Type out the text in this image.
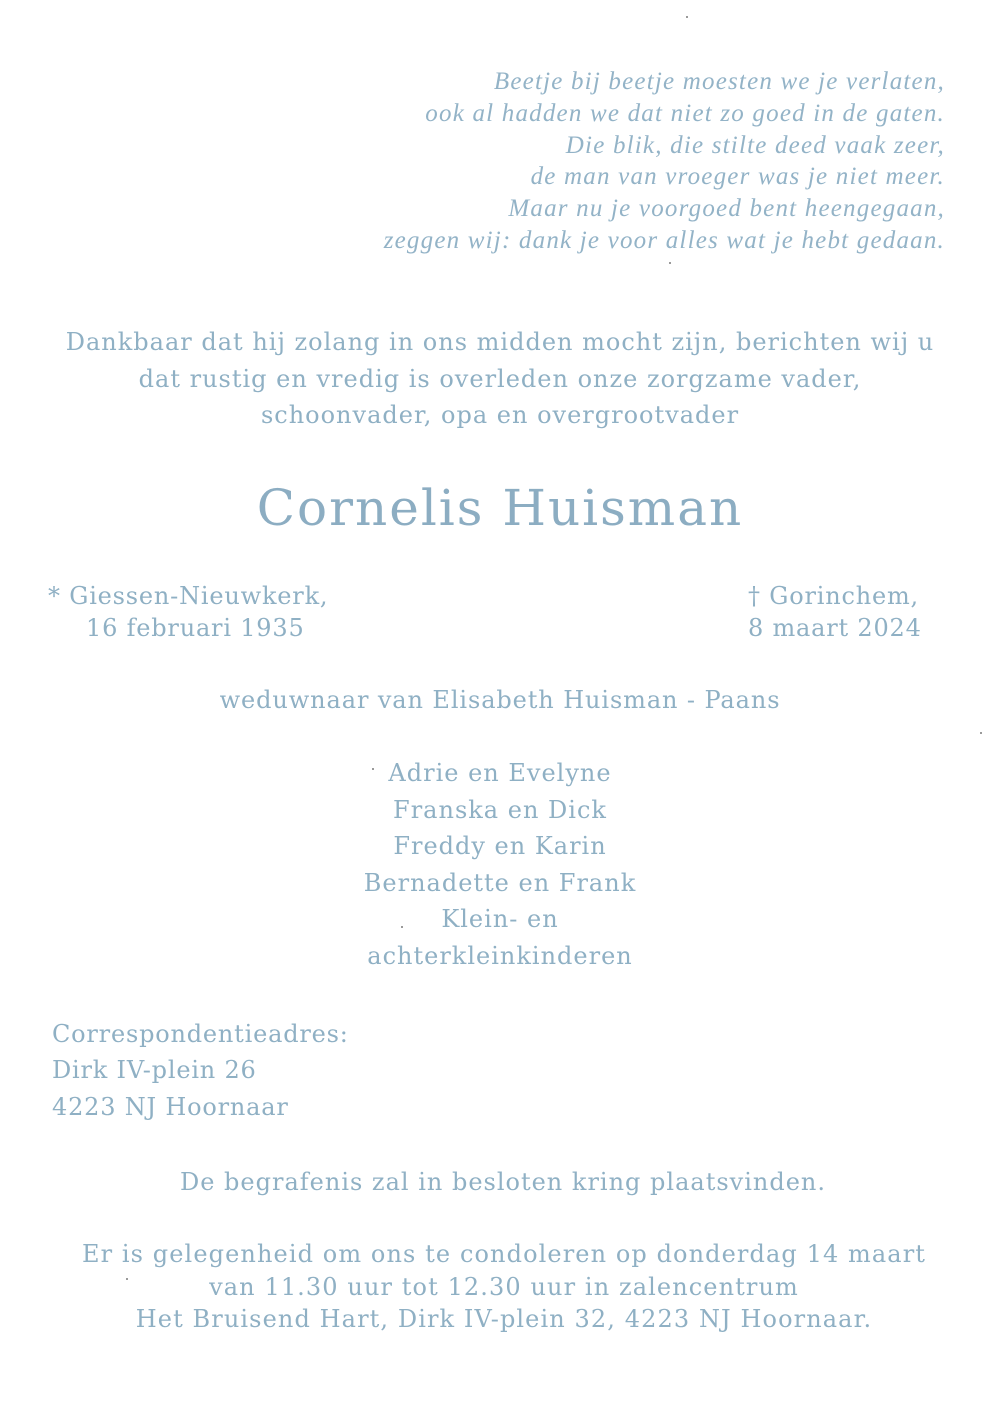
Beetje bij beetje moesten we je verlaten,
ook al hadden we dat niet zo goed in de gaten.
Die blik, die stilte deed vaak zeer,
de man van vroeger was je niet meer.
Maar nu je voorgoed bent heengegaan,
zeggen wij: dank je voor alles wat je hebt gedaan.
Dankbaar dat hij zolang in ons midden mocht zijn, berichten wij u
dat rustig en vredig is overleden onze zorgzame vader,
schoonvader, opa en overgrootvader
Cornelis Huisman
* Giessen-Nieuwkerk,
16 februari 1935
† Gorinchem,
8 maart 2024
weduwnaar van Elisabeth Huisman - Paans
Adrie en Evelyne
Franska en Dick
Freddy en Karin
Bernadette en Frank
Klein- en
achterkleinkinderen
Correspondentieadres:
Dirk IV-plein 26
4223 NJ Hoornaar
De begrafenis zal in besloten kring plaatsvinden.
Er is gelegenheid om ons te condoleren op donderdag 14 maart
van 11.30 uur tot 12.30 uur in zalencentrum
Het Bruisend Hart, Dirk IV-plein 32, 4223 NJ Hoornaar.
